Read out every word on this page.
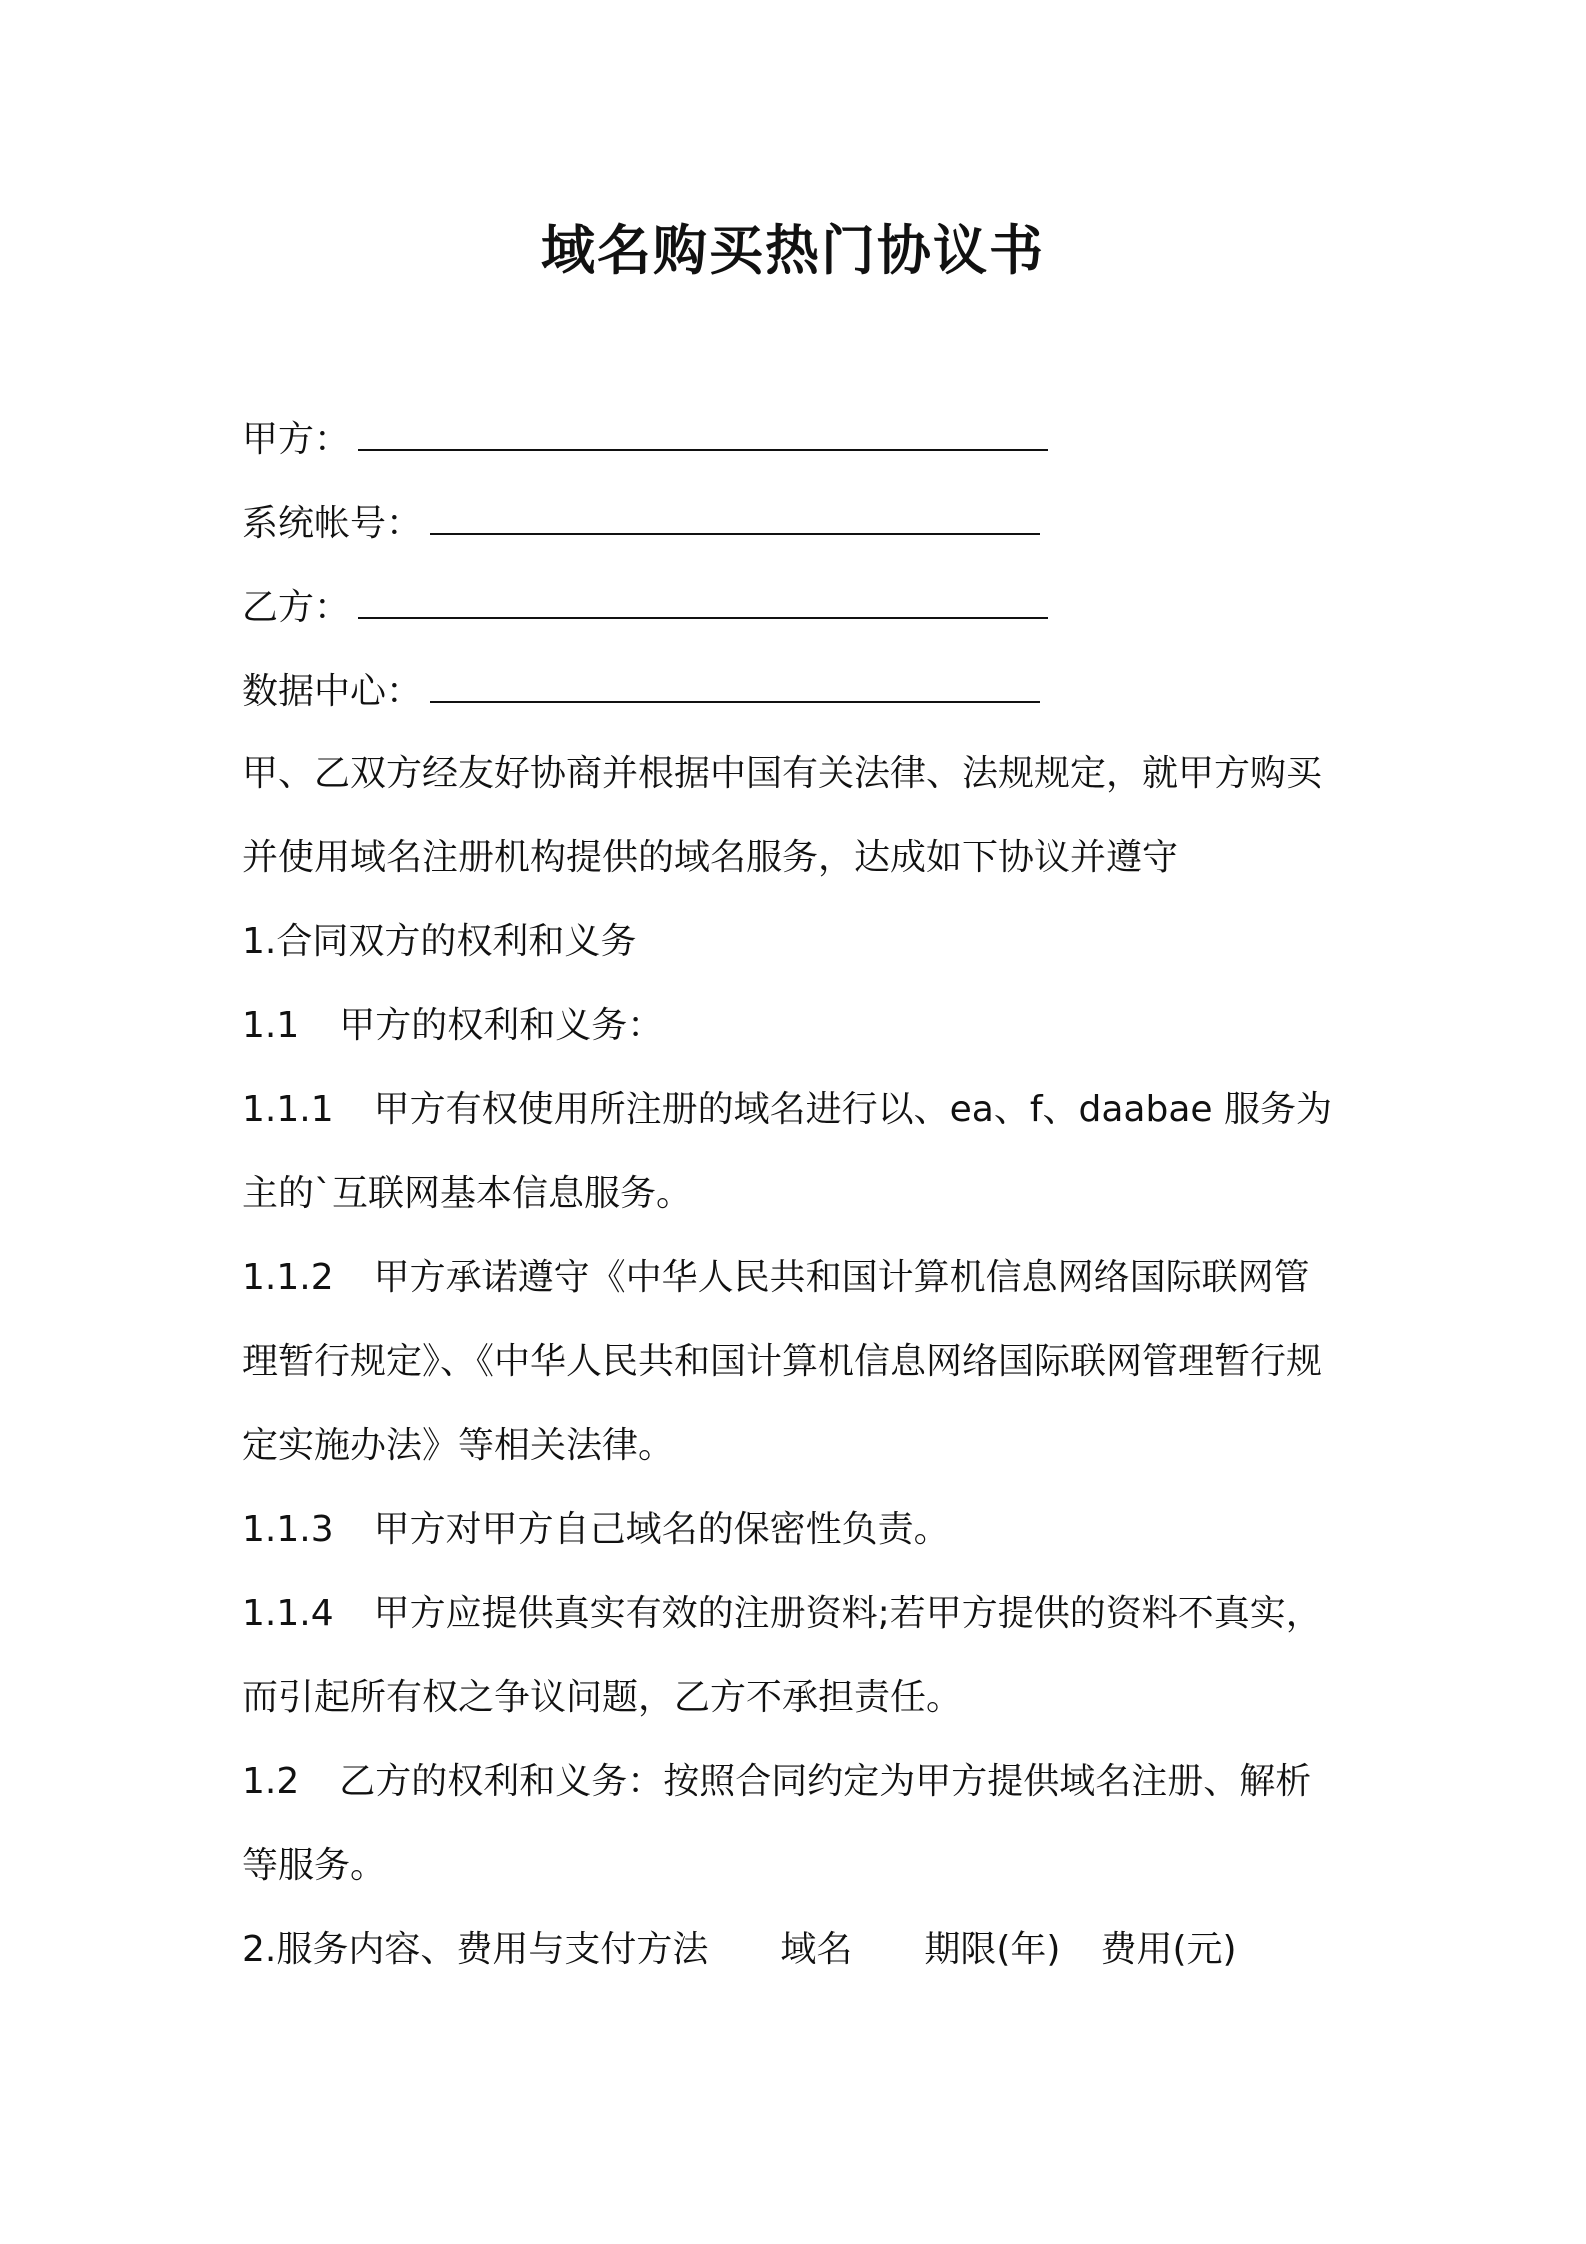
域名购买热门协议书
甲方：
系统帐号：
乙方：
数据中心：
甲、乙双方经友好协商并根据中国有关法律、法规规定，就甲方购买
并使用域名注册机构提供的域名服务，达成如下协议并遵守
1.合同双方的权利和义务
1.1 甲方的权利和义务：
1.1.1 甲方有权使用所注册的域名进行以、ea、f、daabae 服务为
主的`互联网基本信息服务。
1.1.2 甲方承诺遵守《中华人民共和国计算机信息网络国际联网管
理暂行规定》、《中华人民共和国计算机信息网络国际联网管理暂行规
定实施办法》等相关法律。
1.1.3 甲方对甲方自己域名的保密性负责。
1.1.4 甲方应提供真实有效的注册资料;若甲方提供的资料不真实，
而引起所有权之争议问题，乙方不承担责任。
1.2 乙方的权利和义务：按照合同约定为甲方提供域名注册、解析
等服务。
2.服务内容、费用与支付方法 域名 期限(年) 费用(元)
